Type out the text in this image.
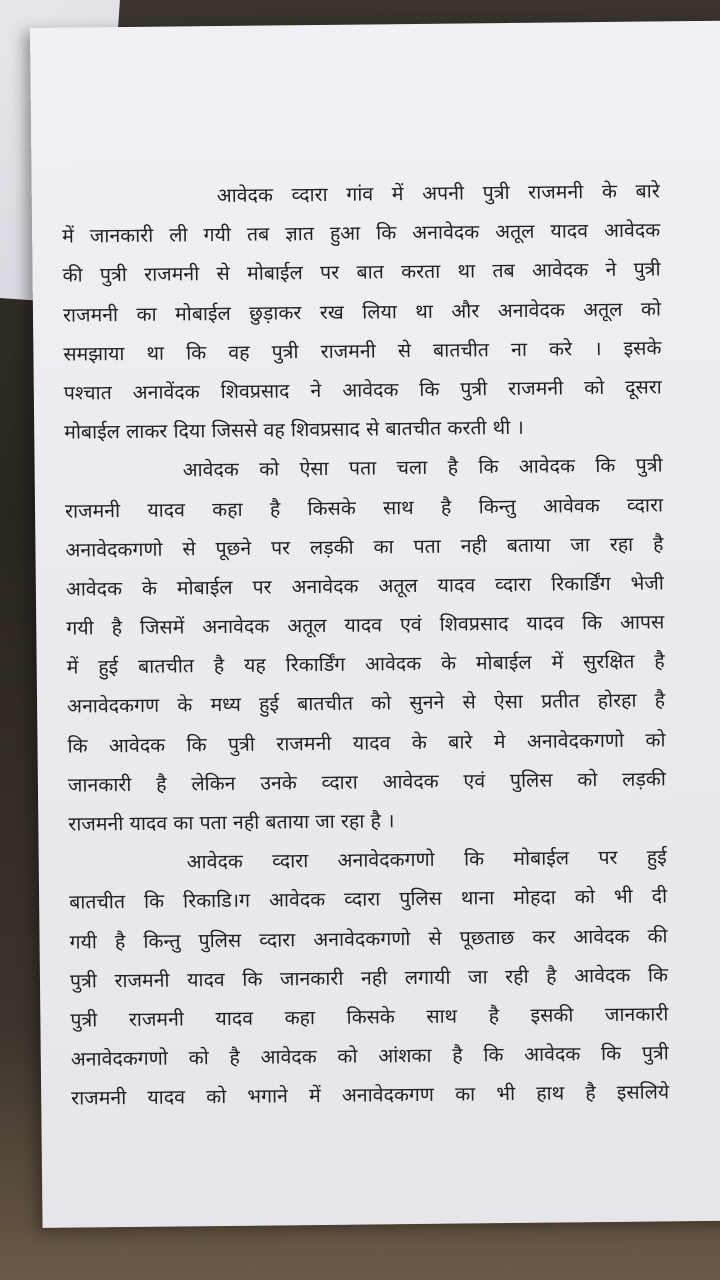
आवेदक व्दारा गांव में अपनी पुत्री राजमनी के बारे
में जानकारी ली गयी तब ज्ञात हुआ कि अनावेदक अतूल यादव आवेदक
की पुत्री राजमनी से मोबाईल पर बात करता था तब आवेदक ने पुत्री
राजमनी का मोबाईल छुड़ाकर रख लिया था और अनावेदक अतूल को
समझाया था कि वह पुत्री राजमनी से बातचीत ना करे । इसके
पश्चात अनावेंदक शिवप्रसाद ने आवेदक कि पुत्री राजमनी को दूसरा
मोबाईल लाकर दिया जिससे वह शिवप्रसाद से बातचीत करती थी ।
आवेदक को ऐसा पता चला है कि आवेदक कि पुत्री
राजमनी यादव कहा है किसके साथ है किन्तु आवेवक व्दारा
अनावेदकगणो से पूछने पर लड़की का पता नही बताया जा रहा है
आवेदक के मोबाईल पर अनावेदक अतूल यादव व्दारा रिकार्डिंग भेजी
गयी है जिसमें अनावेदक अतूल यादव एवं शिवप्रसाद यादव कि आपस
में हुई बातचीत है यह रिकार्डिंग आवेदक के मोबाईल में सुरक्षित है
अनावेदकगण के मध्य हुई बातचीत को सुनने से ऐसा प्रतीत होरहा है
कि आवेदक कि पुत्री राजमनी यादव के बारे मे अनावेदकगणो को
जानकारी है लेकिन उनके व्दारा आवेदक एवं पुलिस को लड़की
राजमनी यादव का पता नही बताया जा रहा है ।
आवेदक व्दारा अनावेदकगणो कि मोबाईल पर हुई
बातचीत कि रिकाडि।ग आवेदक व्दारा पुलिस थाना मोहदा को भी दी
गयी है किन्तु पुलिस व्दारा अनावेदकगणो से पूछताछ कर आवेदक की
पुत्री राजमनी यादव कि जानकारी नही लगायी जा रही है आवेदक कि
पुत्री राजमनी यादव कहा किसके साथ है इसकी जानकारी
अनावेदकगणो को है आवेदक को आंशका है कि आवेदक कि पुत्री
राजमनी यादव को भगाने में अनावेदकगण का भी हाथ है इसलिये
